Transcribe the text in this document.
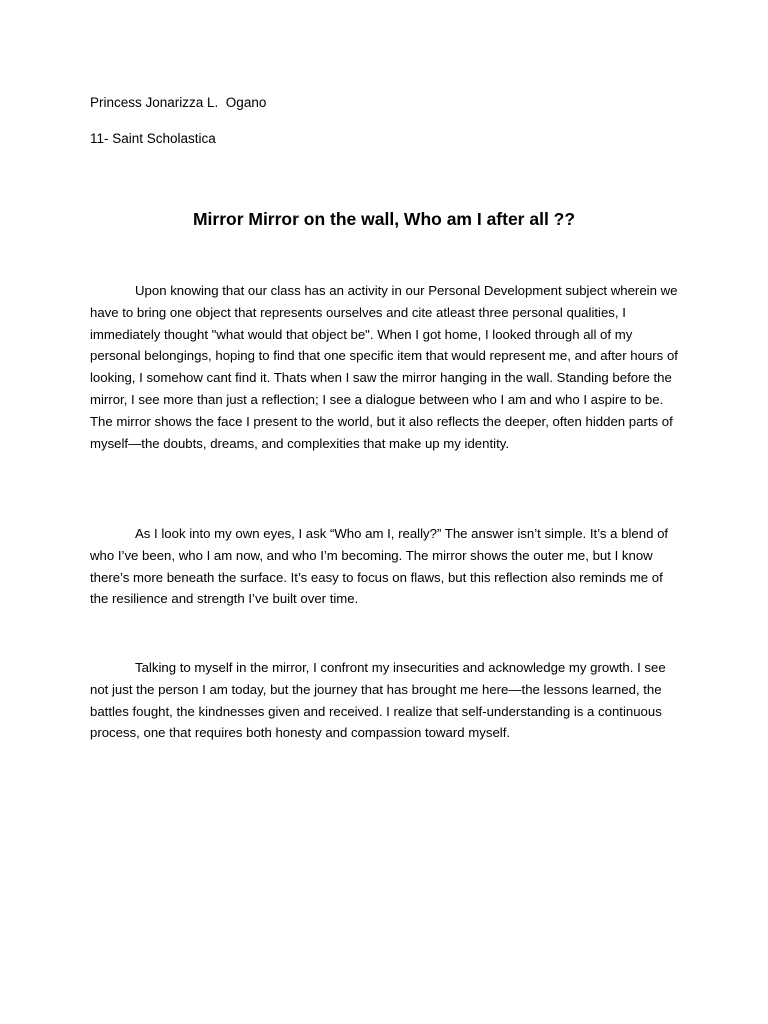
Princess Jonarizza L.  Ogano
11- Saint Scholastica
Mirror Mirror on the wall, Who am I after all ??

Upon knowing that our class has an activity in our Personal Development subject wherein we have to bring one object that represents ourselves and cite atleast three personal qualities, I immediately thought "what would that object be". When I got home, I looked through all of my personal belongings, hoping to find that one specific item that would represent me, and after hours of looking, I somehow cant find it. Thats when I saw the mirror hanging in the wall. Standing before the mirror, I see more than just a reflection; I see a dialogue between who I am and who I aspire to be. The mirror shows the face I present to the world, but it also reflects the deeper, often hidden parts of myself—the doubts, dreams, and complexities that make up my identity.

As I look into my own eyes, I ask “Who am I, really?” The answer isn’t simple. It’s a blend of who I’ve been, who I am now, and who I’m becoming. The mirror shows the outer me, but I know there’s more beneath the surface. It’s easy to focus on flaws, but this reflection also reminds me of the resilience and strength I’ve built over time.

Talking to myself in the mirror, I confront my insecurities and acknowledge my growth. I see not just the person I am today, but the journey that has brought me here—the lessons learned, the battles fought, the kindnesses given and received. I realize that self-understanding is a continuous process, one that requires both honesty and compassion toward myself.
